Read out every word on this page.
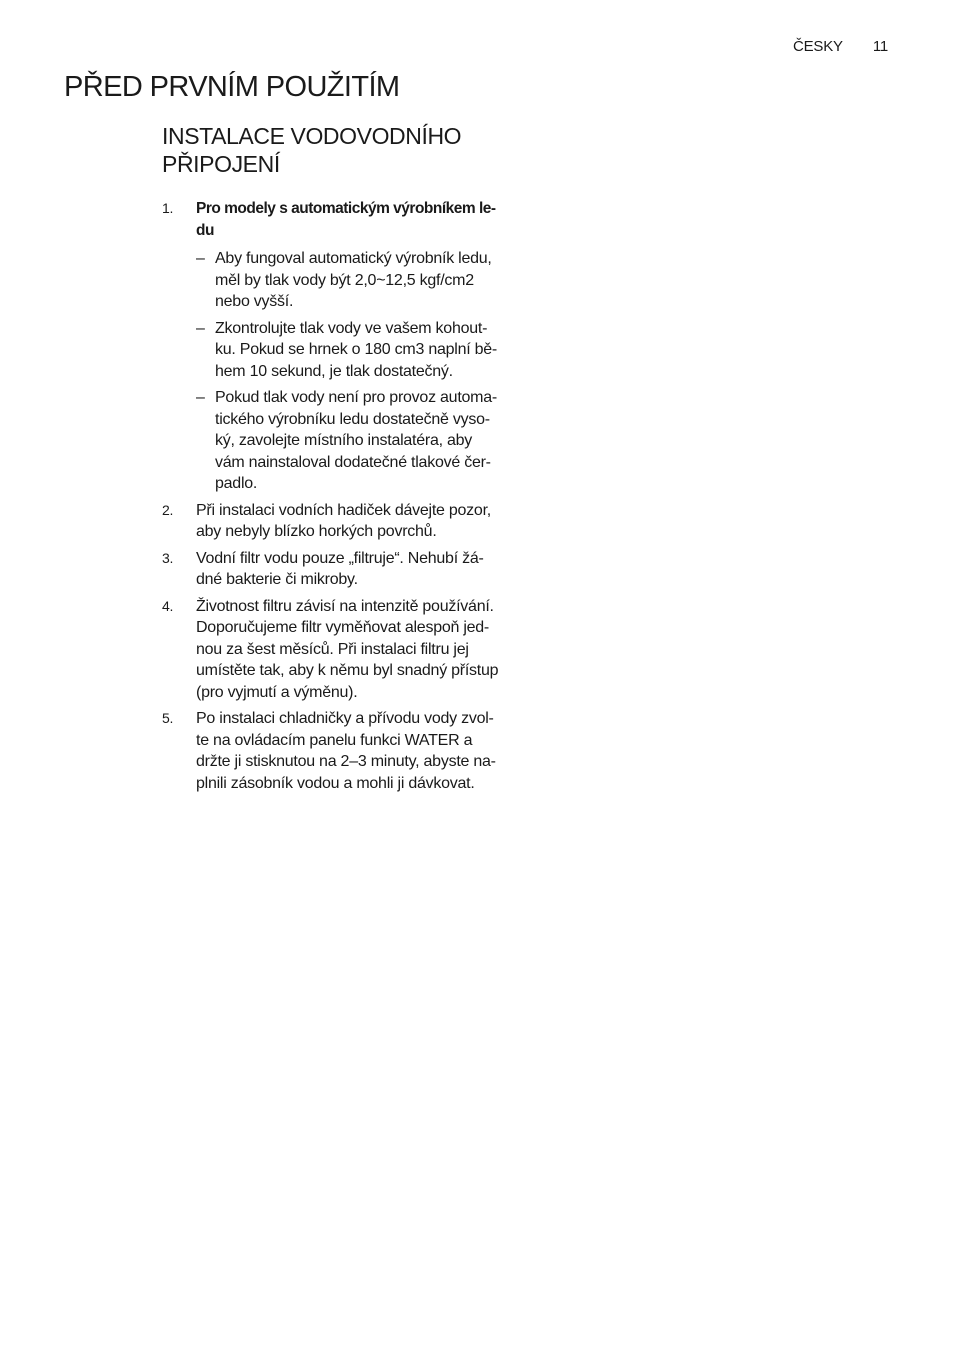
ČESKY 11
PŘED PRVNÍM POUŽITÍM
INSTALACE VODOVODNÍHO
PŘIPOJENÍ
1. Pro modely s automatickým výrobníkem le-
du
– Aby fungoval automatický výrobník ledu,
měl by tlak vody být 2,0~12,5 kgf/cm2
nebo vyšší.
– Zkontrolujte tlak vody ve vašem kohout-
ku. Pokud se hrnek o 180 cm3 naplní bě-
hem 10 sekund, je tlak dostatečný.
– Pokud tlak vody není pro provoz automa-
tického výrobníku ledu dostatečně vyso-
ký, zavolejte místního instalatéra, aby
vám nainstaloval dodatečné tlakové čer-
padlo.
2. Při instalaci vodních hadiček dávejte pozor,
aby nebyly blízko horkých povrchů.
3. Vodní filtr vodu pouze „filtruje“. Nehubí žá-
dné bakterie či mikroby.
4. Životnost filtru závisí na intenzitě používání.
Doporučujeme filtr vyměňovat alespoň jed-
nou za šest měsíců. Při instalaci filtru jej
umístěte tak, aby k němu byl snadný přístup
(pro vyjmutí a výměnu).
5. Po instalaci chladničky a přívodu vody zvol-
te na ovládacím panelu funkci WATER a
držte ji stisknutou na 2–3 minuty, abyste na-
plnili zásobník vodou a mohli ji dávkovat.
